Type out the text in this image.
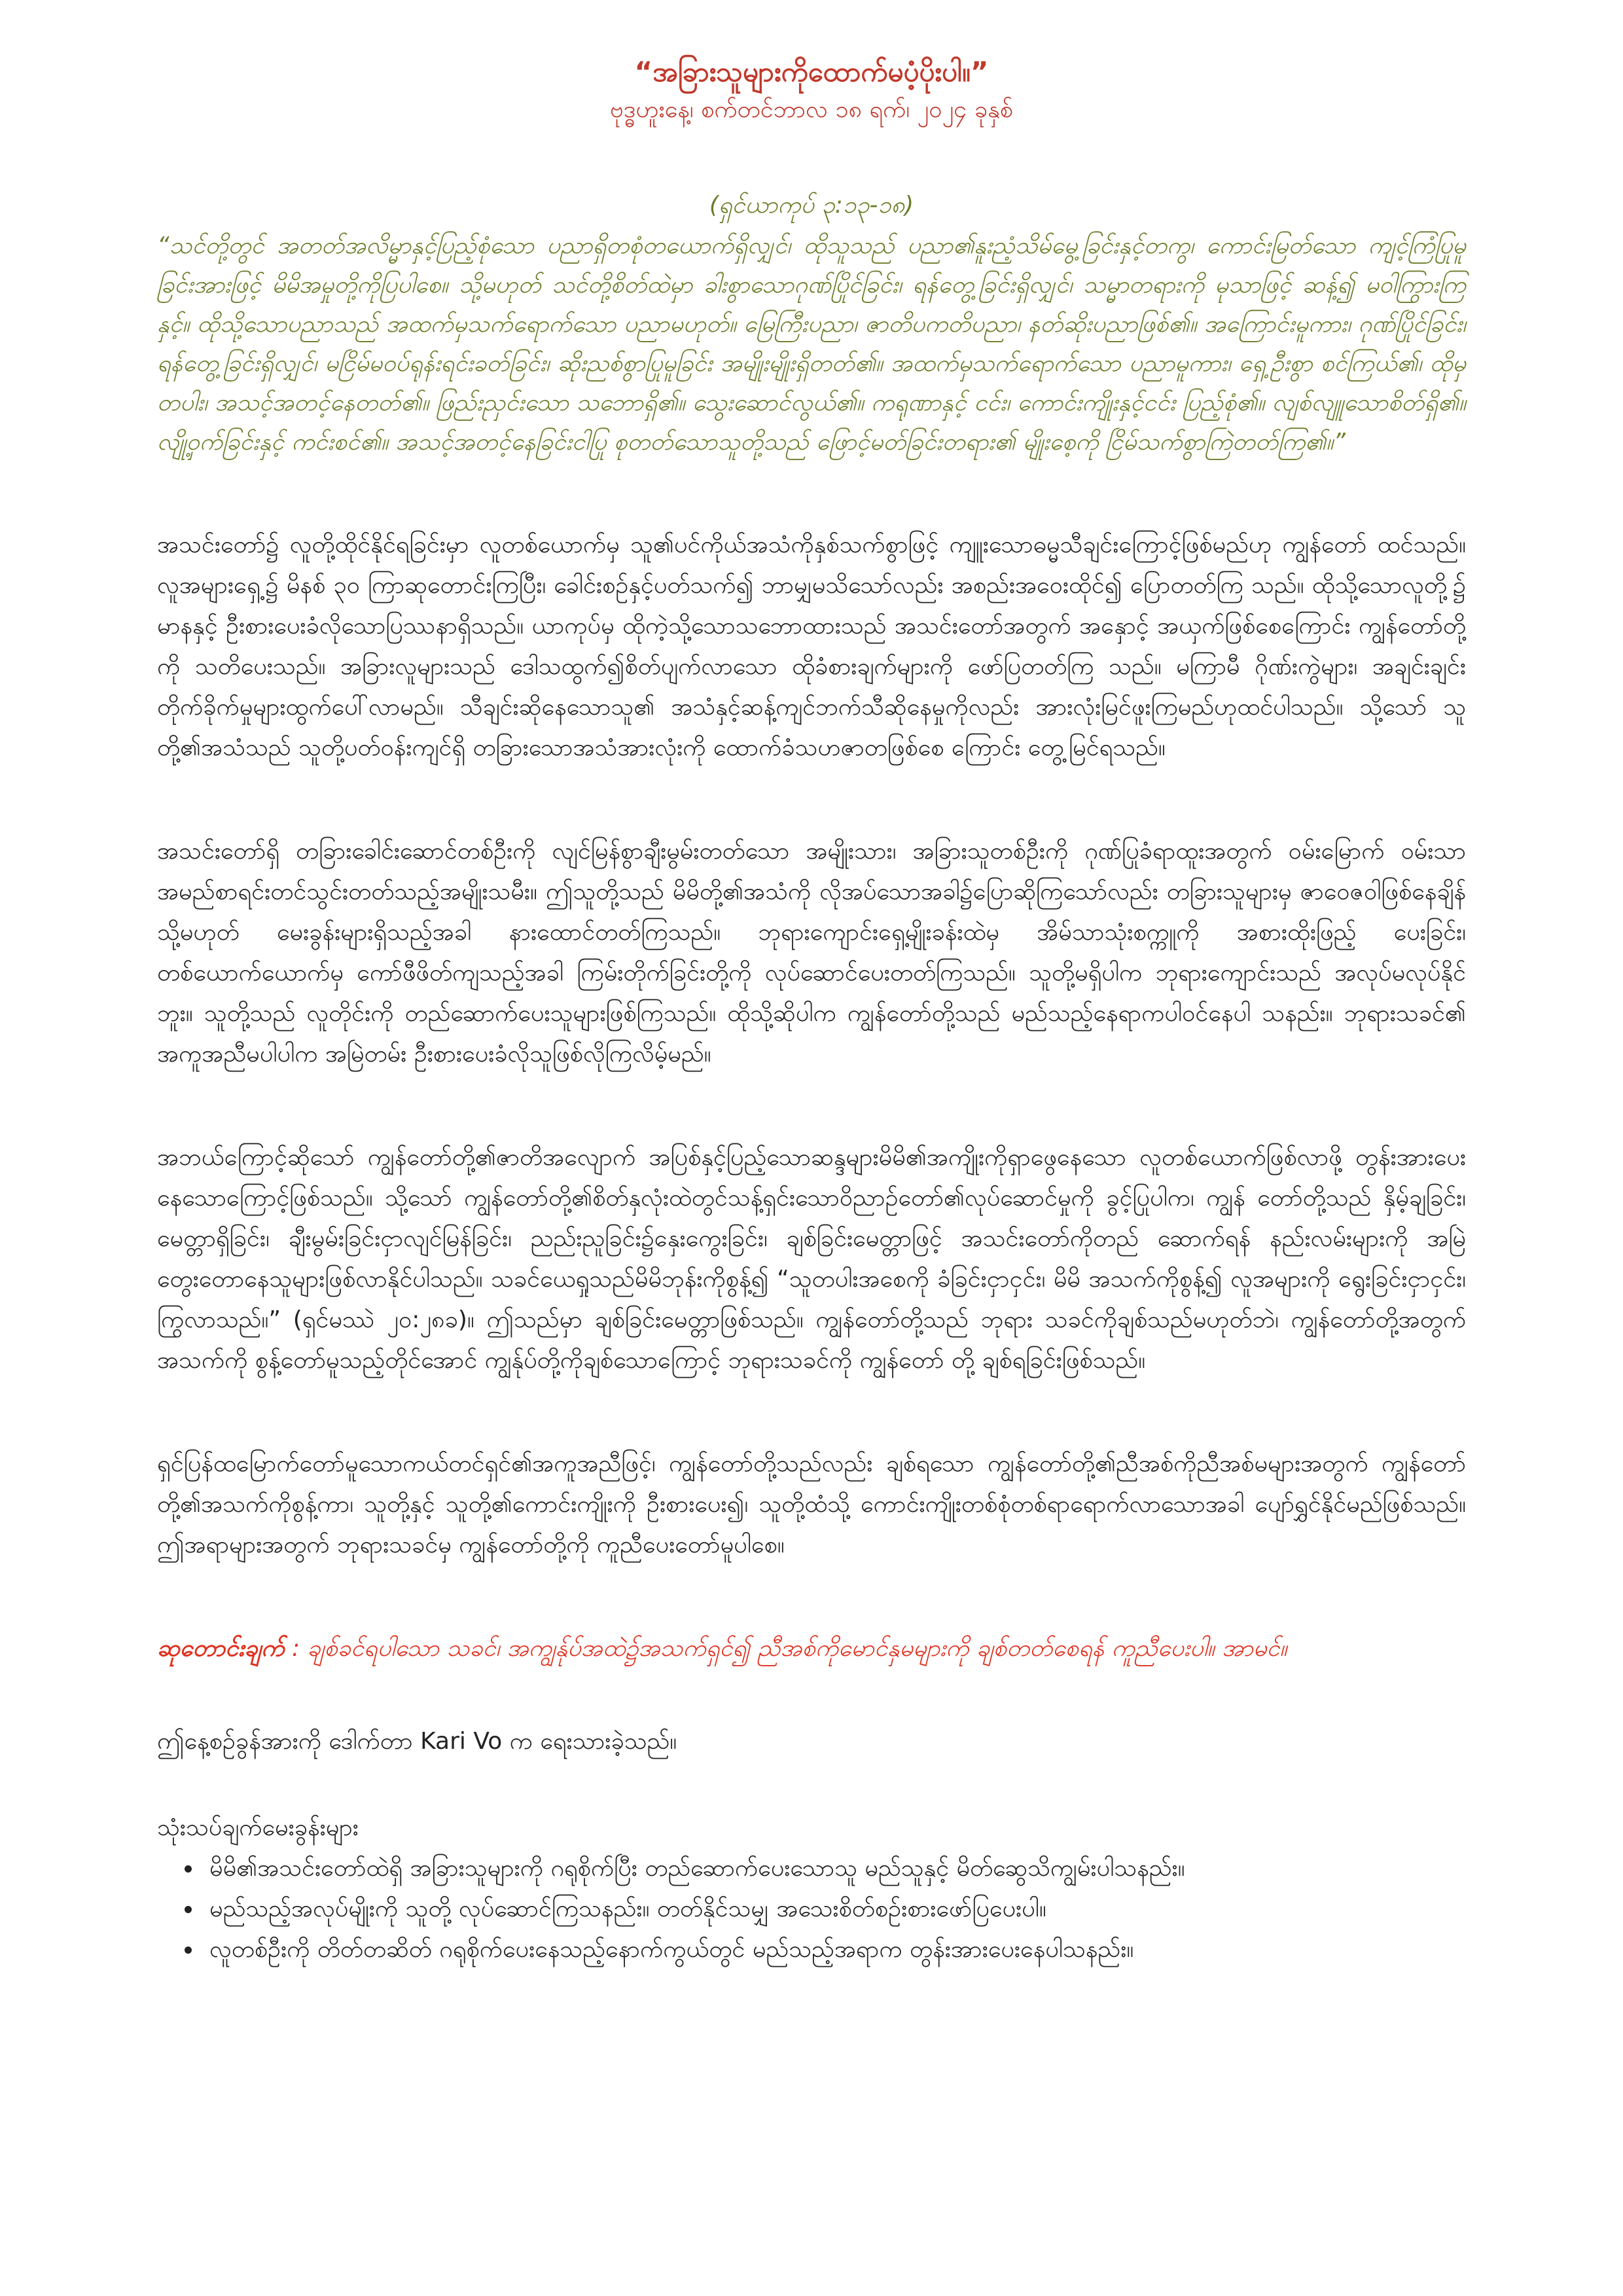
“အခြားသူများကိုထောက်မပံ့ပိုးပါ။”

ဗုဒ္ဓဟူးနေ့၊ စက်တင်ဘာလ ၁၈ ရက်၊ ၂၀၂၄ ခုနှစ်

(ရှင်ယာကုပ် ၃:၁၃-၁၈)

“သင်တို့တွင် အတတ်အလိမ္မာနှင့်ပြည့်စုံသော ပညာရှိတစုံတယောက်ရှိလျှင်၊ ထိုသူသည် ပညာ၏နူးညံ့သိမ်မွေ့ခြင်းနှင့်တကွ၊ ကောင်းမြတ်သော ကျင့်ကြံပြုမူခြင်းအားဖြင့် မိမိအမှုတို့ကိုပြပါစေ။ သို့မဟုတ် သင်တို့စိတ်ထဲမှာ ခါးစွာသောဂုဏ်ပြိုင်ခြင်း၊ ရန်တွေ့ခြင်းရှိလျှင်၊ သမ္မာတရားကို မုသာဖြင့် ဆန့်၍ မဝါကြွားကြနှင့်။ ထိုသို့သောပညာသည် အထက်မှသက်ရောက်သော ပညာမဟုတ်။ မြေကြီးပညာ၊ ဇာတိပကတိပညာ၊ နတ်ဆိုးပညာဖြစ်၏။ အကြောင်းမူကား၊ ဂုဏ်ပြိုင်ခြင်း၊ ရန်တွေ့ခြင်းရှိလျှင်၊ မငြိမ်မဝပ်ရုန်းရင်းခတ်ခြင်း၊ ဆိုးညစ်စွာပြုမူခြင်း အမျိုးမျိုးရှိတတ်၏။ အထက်မှသက်ရောက်သော ပညာမူကား၊ ရှေ့ဦးစွာ စင်ကြယ်၏၊ ထိုမှတပါး၊ အသင့်အတင့်နေတတ်၏။ ဖြည်းညှင်းသော သဘောရှိ၏။ သွေးဆောင်လွယ်၏။ ကရုဏာနှင့် ငင်း၊ ကောင်းကျိုးနှင့်ငင်း ပြည့်စုံ၏။ လျစ်လျူသောစိတ်ရှိ၏။ လျို့ဝှက်ခြင်းနှင့် ကင်းစင်၏။ အသင့်အတင့်နေခြင်းငါပြု စုတတ်သောသူတို့သည် ဖြောင့်မတ်ခြင်းတရား၏ မျိုးစေ့ကို ငြိမ်သက်စွာကြဲတတ်ကြ၏။”

အသင်းတော်၌ လူတို့ထိုင်နိုင်ရခြင်းမှာ လူတစ်ယောက်မှ သူ၏ပင်ကိုယ်အသံကိုနှစ်သက်စွာဖြင့် ကျူးသောဓမ္မသီချင်းကြောင့်ဖြစ်မည်ဟု ကျွန်တော် ထင်သည်။ လူအများရှေ့၌ မိနစ် ၃၀ ကြာဆုတောင်းကြပြီး၊ ခေါင်းစဉ်နှင့်ပတ်သက်၍ ဘာမျှမသိသော်လည်း အစည်းအဝေးထိုင်၍ ပြောတတ်ကြ သည်။ ထိုသို့သောလူတို့၌ မာနနှင့် ဦးစားပေးခံလိုသောပြဿနာရှိသည်။ ယာကုပ်မှ ထိုကဲ့သို့သောသဘောထားသည် အသင်းတော်အတွက် အနှောင့် အယှက်ဖြစ်စေကြောင်း ကျွန်တော်တို့ကို သတိပေးသည်။ အခြားလူများသည် ဒေါသထွက်၍စိတ်ပျက်လာသော ထိုခံစားချက်များကို ဖော်ပြတတ်ကြ သည်။ မကြာမီ ဂိုဏ်းကွဲများ၊ အချင်းချင်းတိုက်ခိုက်မှုများထွက်ပေါ်လာမည်။ သီချင်းဆိုနေသောသူ၏ အသံနှင့်ဆန့်ကျင်ဘက်သီဆိုနေမှုကိုလည်း အားလုံးမြင်ဖူးကြမည်ဟုထင်ပါသည်။ သို့သော် သူတို့၏အသံသည် သူတို့ပတ်ဝန်းကျင်ရှိ တခြားသောအသံအားလုံးကို ထောက်ခံသဟဇာတဖြစ်စေ ကြောင်း တွေ့မြင်ရသည်။

အသင်းတော်ရှိ တခြားခေါင်းဆောင်တစ်ဦးကို လျင်မြန်စွာချီးမွမ်းတတ်သော အမျိုးသား၊ အခြားသူတစ်ဦးကို ဂုဏ်ပြုခံရာထူးအတွက် ဝမ်းမြောက် ဝမ်းသာ အမည်စာရင်းတင်သွင်းတတ်သည့်အမျိုးသမီး။ ဤသူတို့သည် မိမိတို့၏အသံကို လိုအပ်သောအခါ၌ပြောဆိုကြသော်လည်း တခြားသူများမှ ဇာဝေဇဝါဖြစ်နေချိန် သို့မဟုတ် မေးခွန်းများရှိသည့်အခါ နားထောင်တတ်ကြသည်။ ဘုရားကျောင်းရှေ့မျိုးခန်းထဲမှ အိမ်သာသုံးစက္ကူကို အစားထိုးဖြည့် ပေးခြင်း၊ တစ်ယောက်ယောက်မှ ကော်ဖီဖိတ်ကျသည့်အခါ ကြမ်းတိုက်ခြင်းတို့ကို လုပ်ဆောင်ပေးတတ်ကြသည်။ သူတို့မရှိပါက ဘုရားကျောင်းသည် အလုပ်မလုပ်နိုင်ဘူး။ သူတို့သည် လူတိုင်းကို တည်ဆောက်ပေးသူများဖြစ်ကြသည်။ ထိုသို့ဆိုပါက ကျွန်တော်တို့သည် မည်သည့်နေရာကပါဝင်နေပါ သနည်း။ ဘုရားသခင်၏ အကူအညီမပါပါက အမြဲတမ်း ဦးစားပေးခံလိုသူဖြစ်လိုကြလိမ့်မည်။

အဘယ်ကြောင့်ဆိုသော် ကျွန်တော်တို့၏ဇာတိအလျောက် အပြစ်နှင့်ပြည့်သောဆန္ဒများမိမိ၏အကျိုးကိုရှာဖွေနေသော လူတစ်ယောက်ဖြစ်လာဖို့ တွန်းအားပေးနေသောကြောင့်ဖြစ်သည်။ သို့သော် ကျွန်တော်တို့၏စိတ်နှလုံးထဲတွင်သန့်ရှင်းသောဝိညာဉ်တော်၏လုပ်ဆောင်မှုကို ခွင့်ပြုပါက၊ ကျွန် တော်တို့သည် နှိမ့်ချခြင်း၊ မေတ္တာရှိခြင်း၊ ချီးမွမ်းခြင်းငှာလျင်မြန်ခြင်း၊ ညည်းညူခြင်း၌နှေးကွေးခြင်း၊ ချစ်ခြင်းမေတ္တာဖြင့် အသင်းတော်ကိုတည် ဆောက်ရန် နည်းလမ်းများကို အမြဲတွေးတောနေသူများဖြစ်လာနိုင်ပါသည်။ သခင်ယေရှုသည်မိမိဘုန်းကိုစွန့်၍ “သူတပါးအစေကို ခံခြင်းငှာငှင်း၊ မိမိ အသက်ကိုစွန့်၍ လူအများကို ရွေးခြင်းငှာငှင်း၊ ကြွလာသည်။” (ရှင်မဿဲ ၂၀:၂၈ခ)။ ဤသည်မှာ ချစ်ခြင်းမေတ္တာဖြစ်သည်။ ကျွန်တော်တို့သည် ဘုရား သခင်ကိုချစ်သည်မဟုတ်ဘဲ၊ ကျွန်တော်တို့အတွက်အသက်ကို စွန့်တော်မူသည့်တိုင်အောင် ကျွန်ုပ်တို့ကိုချစ်သောကြောင့် ဘုရားသခင်ကို ကျွန်တော် တို့ ချစ်ရခြင်းဖြစ်သည်။

ရှင်ပြန်ထမြောက်တော်မူသောကယ်တင်ရှင်၏အကူအညီဖြင့်၊ ကျွန်တော်တို့သည်လည်း ချစ်ရသော ကျွန်တော်တို့၏ညီအစ်ကိုညီအစ်မများအတွက် ကျွန်တော်တို့၏အသက်ကိုစွန့်ကာ၊ သူတို့နှင့် သူတို့၏ကောင်းကျိုးကို ဦးစားပေး၍၊ သူတို့ထံသို့ ကောင်းကျိုးတစ်စုံတစ်ရာရောက်လာသောအခါ ပျော်ရွှင်နိုင်မည်ဖြစ်သည်။ ဤအရာများအတွက် ဘုရားသခင်မှ ကျွန်တော်တို့ကို ကူညီပေးတော်မူပါစေ။

ဆုတောင်းချက် : ချစ်ခင်ရပါသော သခင်၊ အကျွန်ုပ်အထဲ၌အသက်ရှင်၍ ညီအစ်ကိုမောင်နှမများကို ချစ်တတ်စေရန် ကူညီပေးပါ။ အာမင်။

ဤနေ့စဉ်ခွန်အားကို ဒေါက်တာ Kari Vo က ရေးသားခဲ့သည်။

သုံးသပ်ချက်မေးခွန်းများ

• မိမိ၏အသင်းတော်ထဲရှိ အခြားသူများကို ဂရုစိုက်ပြီး တည်ဆောက်ပေးသောသူ မည်သူနှင့် မိတ်ဆွေသိကျွမ်းပါသနည်း။
• မည်သည့်အလုပ်မျိုးကို သူတို့ လုပ်ဆောင်ကြသနည်း။ တတ်နိုင်သမျှ အသေးစိတ်စဉ်းစားဖော်ပြပေးပါ။
• လူတစ်ဦးကို တိတ်တဆိတ် ဂရုစိုက်ပေးနေသည့်နောက်ကွယ်တွင် မည်သည့်အရာက တွန်းအားပေးနေပါသနည်း။
